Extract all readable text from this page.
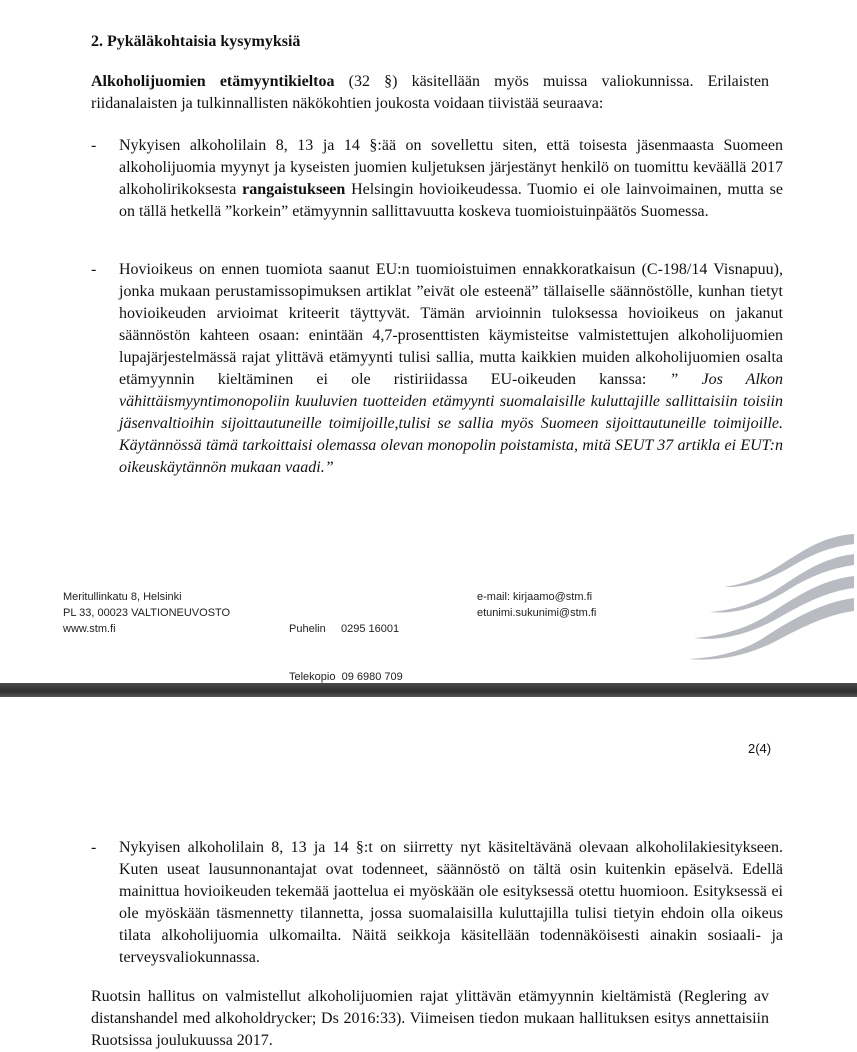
2. Pykäläkohtaisia kysymyksiä
Alkoholijuomien etämyyntikieltoa (32 §) käsitellään myös muissa valiokunnissa. Erilaisten riidanalaisten ja tulkinnallisten näkökohtien joukosta voidaan tiivistää seuraava:
- Nykyisen alkoholilain 8, 13 ja 14 §:ää on sovellettu siten, että toisesta jäsenmaasta Suomeen alkoholijuomia myynyt ja kyseisten juomien kuljetuksen järjestänyt henkilö on tuomittu keväällä 2017 alkoholirikoksesta rangaistukseen Helsingin hovioikeudessa. Tuomio ei ole lainvoimainen, mutta se on tällä hetkellä ”korkein” etämyynnin sallittavuutta koskeva tuomioistuinpäätös Suomessa.
- Hovioikeus on ennen tuomiota saanut EU:n tuomioistuimen ennakkoratkaisun (C-198/14 Visnapuu), jonka mukaan perustamissopimuksen artiklat ”eivät ole esteenä” tällaiselle säännöstölle, kunhan tietyt hovioikeuden arvioimat kriteerit täyttyvät. Tämän arvioinnin tuloksessa hovioikeus on jakanut säännöstön kahteen osaan: enintään 4,7-prosenttisten käymisteitse valmistettujen alkoholijuomien lupajärjestelmässä rajat ylittävä etämyynti tulisi sallia, mutta kaikkien muiden alkoholijuomien osalta etämyynnin kieltäminen ei ole ristiriidassa EU-oikeuden kanssa: ” Jos Alkon vähittäismyyntimonopoliin kuuluvien tuotteiden etämyynti suomalaisille kuluttajille sallittaisiin toisiin jäsenvaltioihin sijoittautuneille toimijoille,tulisi se sallia myös Suomeen sijoittautuneille toimijoille. Käytännössä tämä tarkoittaisi olemassa olevan monopolin poistamista, mitä SEUT 37 artikla ei EUT:n oikeuskäytännön mukaan vaadi.”
Meritullinkatu 8, Helsinki
PL 33, 00023 VALTIONEUVOSTO
www.stm.fi

	Puhelin     0295 16001

Telekopio  09 6980 709

e-mail: kirjaamo@stm.fi
etunimi.sukunimi@stm.fi
2(4)
- Nykyisen alkoholilain 8, 13 ja 14 §:t on siirretty nyt käsiteltävänä olevaan alkoholilakiesitykseen. Kuten useat lausunnonantajat ovat todenneet, säännöstö on tältä osin kuitenkin epäselvä. Edellä mainittua hovioikeuden tekemää jaottelua ei myöskään ole esityksessä otettu huomioon. Esityksessä ei ole myöskään täsmennetty tilannetta, jossa suomalaisilla kuluttajilla tulisi tietyin ehdoin olla oikeus tilata alkoholijuomia ulkomailta. Näitä seikkoja käsitellään todennäköisesti ainakin sosiaali- ja terveysvaliokunnassa.
Ruotsin hallitus on valmistellut alkoholijuomien rajat ylittävän etämyynnin kieltämistä (Reglering av distanshandel med alkoholdrycker; Ds 2016:33). Viimeisen tiedon mukaan hallituksen esitys annettaisiin Ruotsissa joulukuussa 2017.
